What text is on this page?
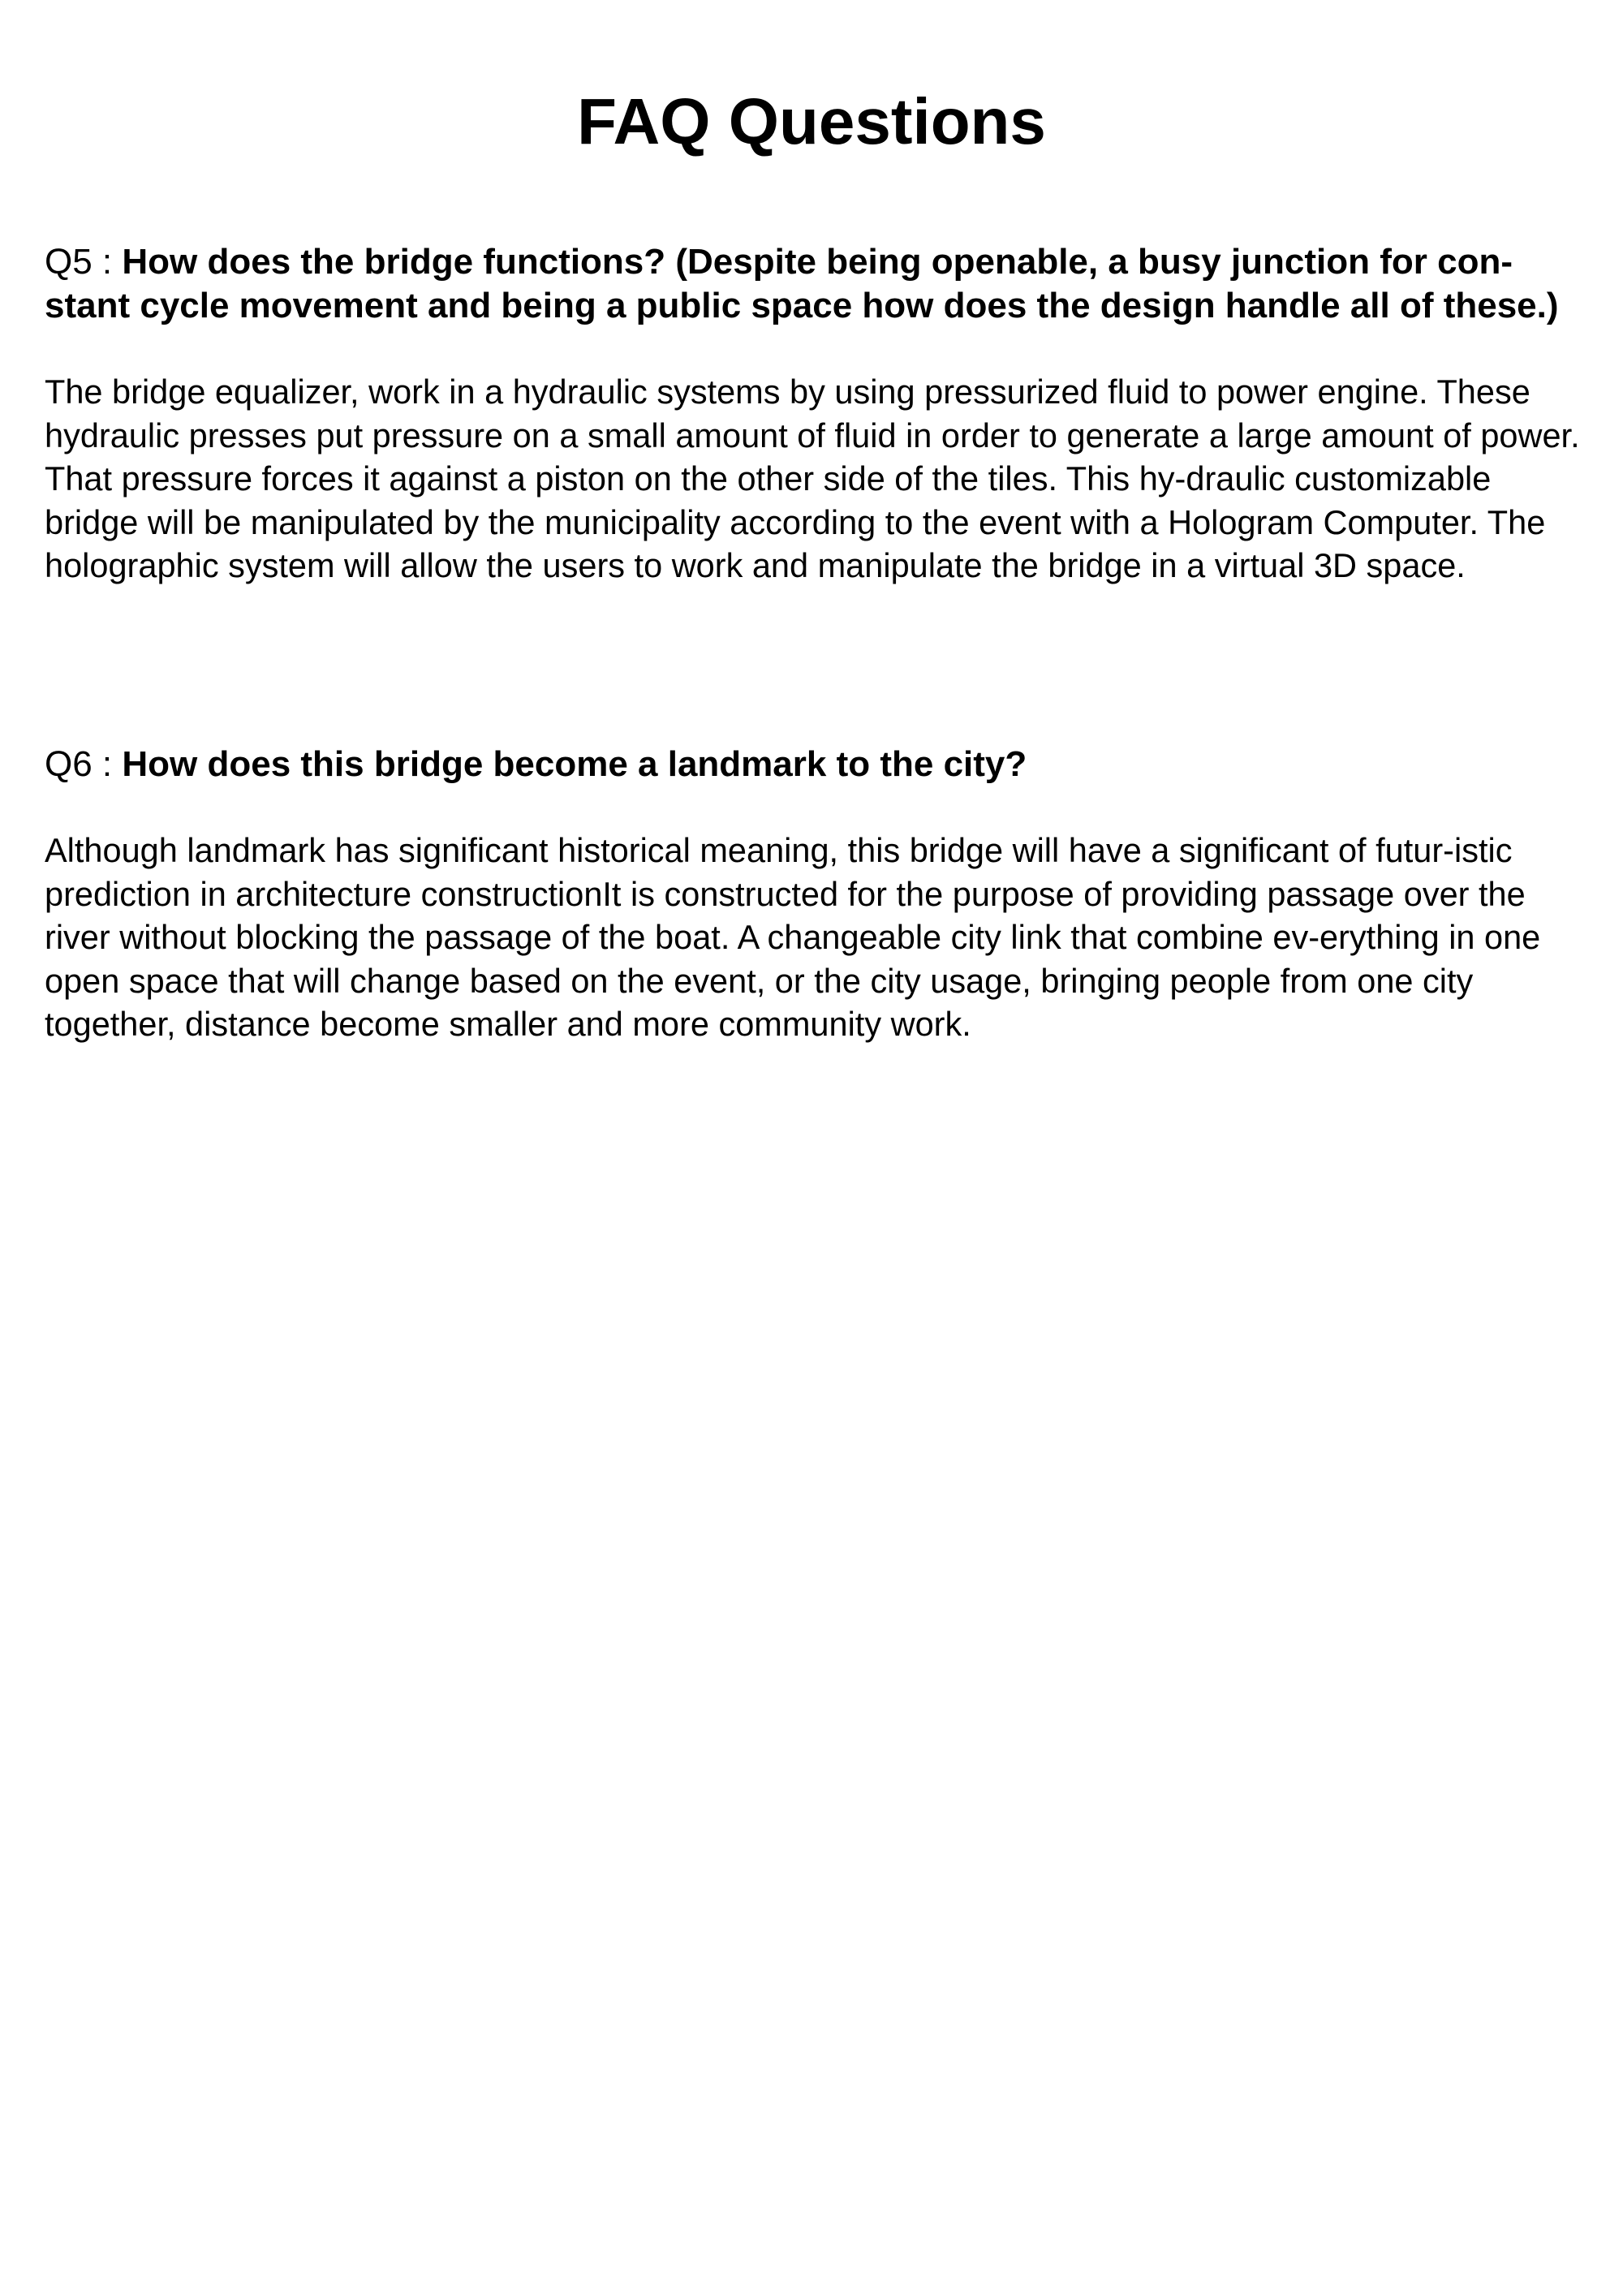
FAQ Questions

Q5 : How does the bridge functions? (Despite being openable, a busy junction for con-stant cycle movement and being a public space how does the design handle all of these.)

The bridge equalizer, work in a hydraulic systems by using pressurized fluid to power engine. These hydraulic presses put pressure on a small amount of fluid in order to generate a large amount of power. That pressure forces it against a piston on the other side of the tiles. This hy-draulic customizable bridge will be manipulated by the municipality according to the event with a Hologram Computer. The holographic system will allow the users to work and manipulate the bridge in a virtual 3D space.

Q6 : How does this bridge become a landmark to the city?

Although landmark has significant historical meaning, this bridge will have a significant of futur-istic prediction in architecture constructionIt is constructed for the purpose of providing passage over the river without blocking the passage of the boat. A changeable city link that combine ev-erything in one open space that will change based on the event, or the city usage, bringing people from one city together, distance become smaller and more community work.
